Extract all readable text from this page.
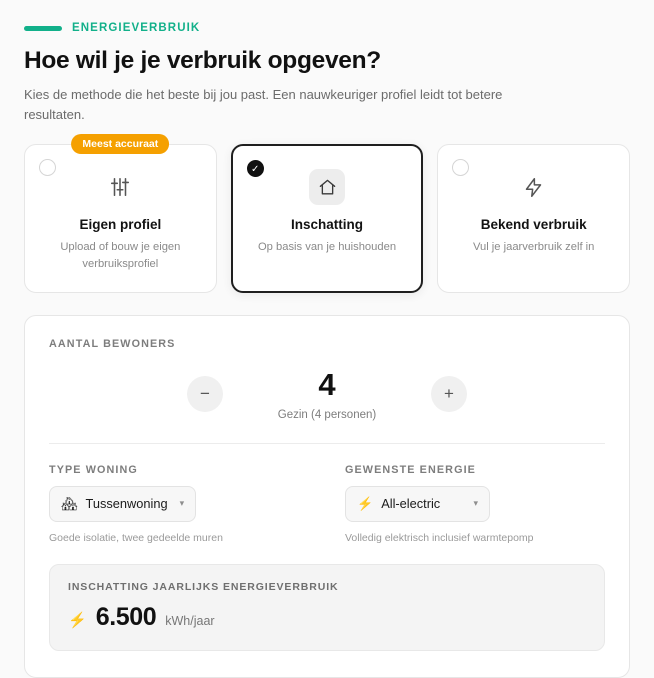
ENERGIEVERBRUIK
Hoe wil je je verbruik opgeven?

Kies de methode die het beste bij jou past. Een nauwkeuriger profiel leidt tot betere resultaten.

Meest accuraat
Eigen profiel
Upload of bouw je eigen verbruiksprofiel
✓
Inschatting
Op basis van je huishouden
Bekend verbruik
Vul je jaarverbruik zelf in
AANTAL BEWONERS
−	4
Gezin (4 personen)
+
TYPE WONING
🏘 Tussenwoning ▾
Goede isolatie, twee gedeelde muren
GEWENSTE ENERGIE
⚡ All-electric	▾
Volledig elektrisch inclusief warmtepomp
INSCHATTING JAARLIJKS ENERGIEVERBRUIK
⚡ 6.500 kWh/jaar
